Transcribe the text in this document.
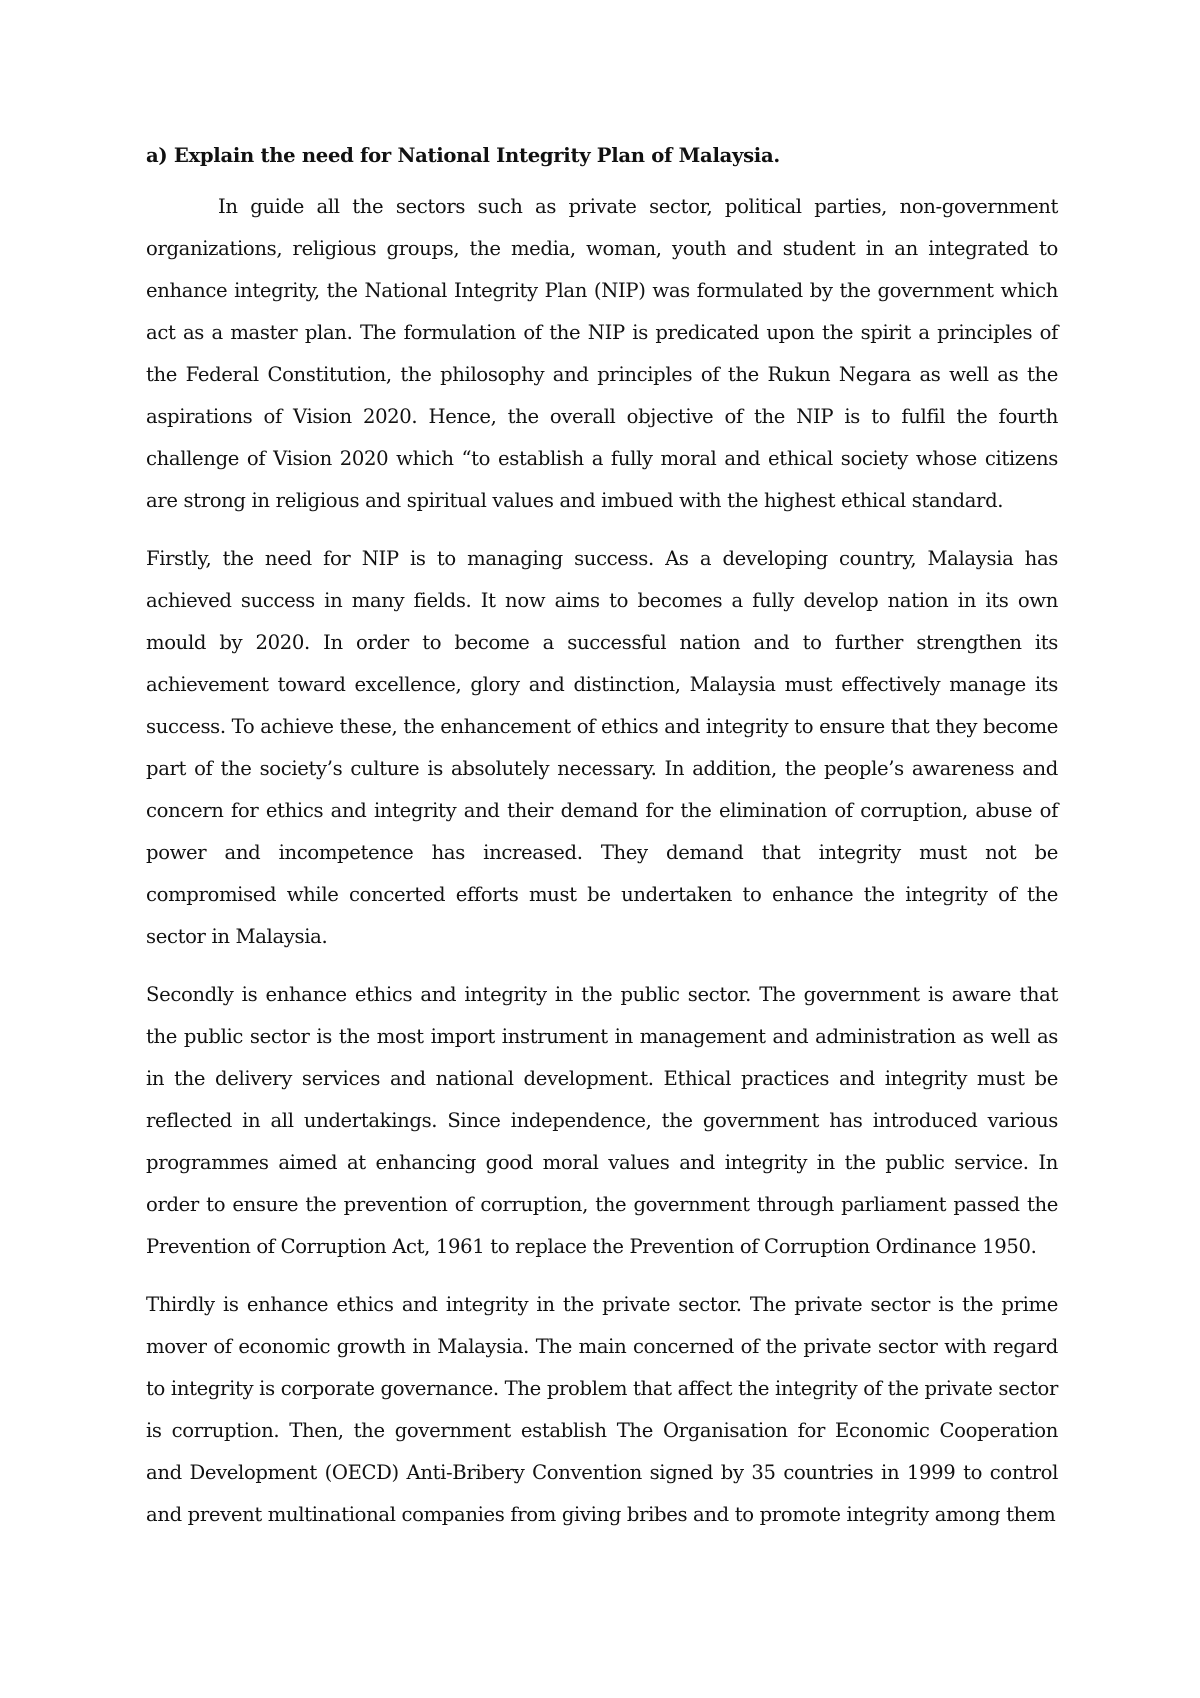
a) Explain the need for National Integrity Plan of Malaysia.

In guide all the sectors such as private sector, political parties, non-government organizations, religious groups, the media, woman, youth and student in an integrated to enhance integrity, the National Integrity Plan (NIP) was formulated by the government which act as a master plan. The formulation of the NIP is predicated upon the spirit a principles of the Federal Constitution, the philosophy and principles of the Rukun Negara as well as the aspirations of Vision 2020. Hence, the overall objective of the NIP is to fulfil the fourth challenge of Vision 2020 which “to establish a fully moral and ethical society whose citizens are strong in religious and spiritual values and imbued with the highest ethical standard.

Firstly, the need for NIP is to managing success. As a developing country, Malaysia has achieved success in many fields. It now aims to becomes a fully develop nation in its own mould by 2020. In order to become a successful nation and to further strengthen its achievement toward excellence, glory and distinction, Malaysia must effectively manage its success. To achieve these, the enhancement of ethics and integrity to ensure that they become part of the society’s culture is absolutely necessary. In addition, the people’s awareness and concern for ethics and integrity and their demand for the elimination of corruption, abuse of power and incompetence has increased. They demand that integrity must not be compromised while concerted efforts must be undertaken to enhance the integrity of the sector in Malaysia.

Secondly is enhance ethics and integrity in the public sector. The government is aware that the public sector is the most import instrument in management and administration as well as in the delivery services and national development. Ethical practices and integrity must be reflected in all undertakings. Since independence, the government has introduced various programmes aimed at enhancing good moral values and integrity in the public service. In order to ensure the prevention of corruption, the government through parliament passed the Prevention of Corruption Act, 1961 to replace the Prevention of Corruption Ordinance 1950.

Thirdly is enhance ethics and integrity in the private sector. The private sector is the prime mover of economic growth in Malaysia. The main concerned of the private sector with regard to integrity is corporate governance. The problem that affect the integrity of the private sector is corruption. Then, the government establish The Organisation for Economic Cooperation and Development (OECD) Anti-Bribery Convention signed by 35 countries in 1999 to control and prevent multinational companies from giving bribes and to promote integrity among them
